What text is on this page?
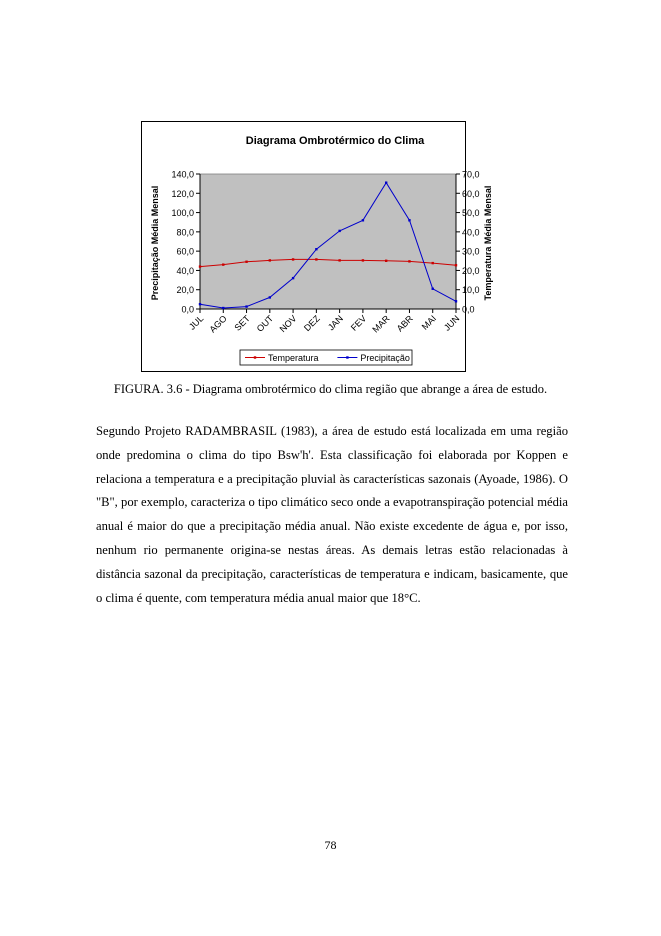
Diagrama Ombrotérmico do Clima
Precipitação Média Mensal	Temperatura Média Mensal
140,0
120,0
100,0
80,0
60,0
40,0
20,0
0,0
70,0
60,0
50,0
40,0
30,0
20,0
10,0
0,0
JUL AGO SET OUT NOV DEZ JAN FEV MAR ABR MAI JUN
Temperatura	Precipitação
FIGURA. 3.6 - Diagrama ombrotérmico do clima região que abrange a área de estudo.
Segundo Projeto RADAMBRASIL (1983), a área de estudo está localizada em uma região onde predomina o clima do tipo Bsw'h'. Esta classificação foi elaborada por Koppen e relaciona a temperatura e a precipitação pluvial às características sazonais (Ayoade, 1986). O "B", por exemplo, caracteriza o tipo climático seco onde a evapotranspiração potencial média anual é maior do que a precipitação média anual. Não existe excedente de água e, por isso, nenhum rio permanente origina-se nestas áreas. As demais letras estão relacionadas à distância sazonal da precipitação, características de temperatura e indicam, basicamente, que o clima é quente, com temperatura média anual maior que 18°C.
78
